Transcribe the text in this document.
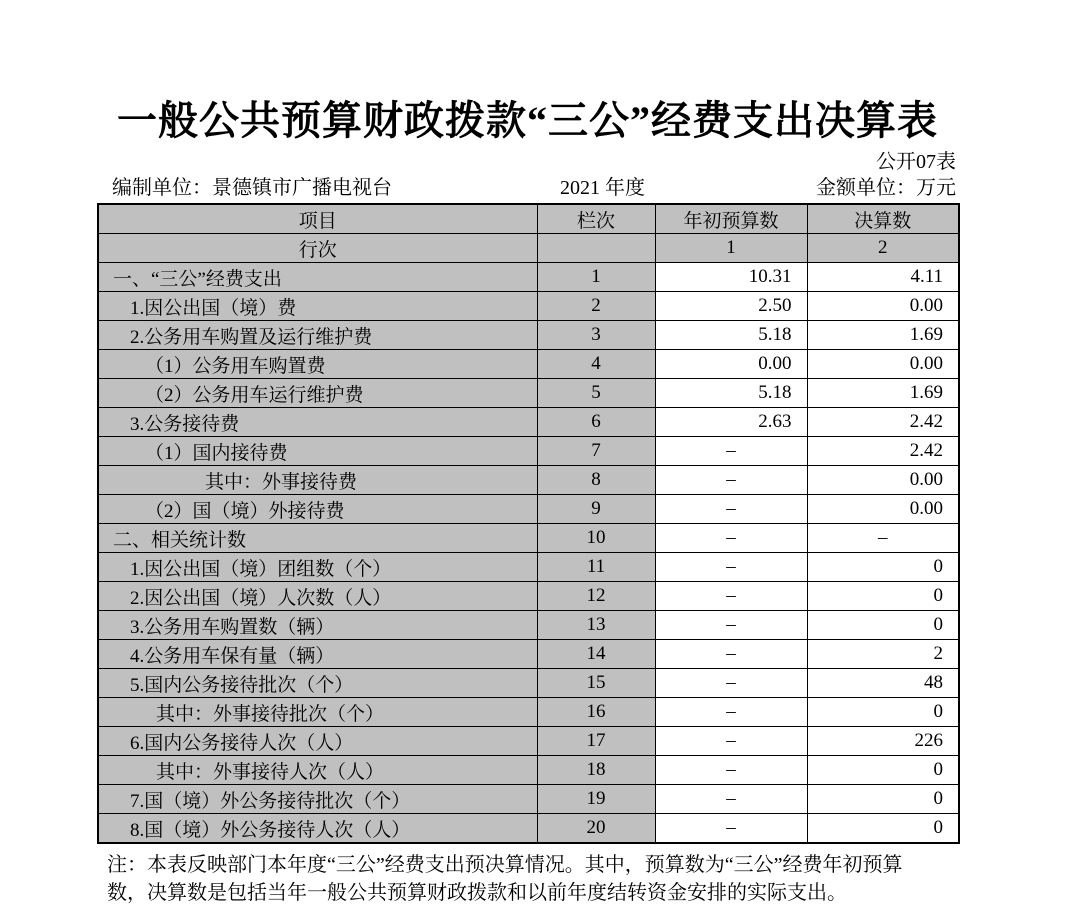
一般公共预算财政拨款“三公”经费支出决算表
公开07表
编制单位：景德镇市广播电视台	2021 年度	金额单位：万元
项目	栏次	年初预算数	决算数
行次		1	2
一、“三公”经费支出	1	10.31	4.11
1.因公出国（境）费	2	2.50	0.00
2.公务用车购置及运行维护费	3	5.18	1.69
（1）公务用车购置费	4	0.00	0.00
（2）公务用车运行维护费	5	5.18	1.69
3.公务接待费	6	2.63	2.42
（1）国内接待费	7	–	2.42
其中：外事接待费	8	–	0.00
（2）国（境）外接待费	9	–	0.00
二、相关统计数	10	–	–
1.因公出国（境）团组数（个）	11	–	0
2.因公出国（境）人次数（人）	12	–	0
3.公务用车购置数（辆）	13	–	0
4.公务用车保有量（辆）	14	–	2
5.国内公务接待批次（个）	15	–	48
其中：外事接待批次（个）	16	–	0
6.国内公务接待人次（人）	17	–	226
其中：外事接待人次（人）	18	–	0
7.国（境）外公务接待批次（个）	19	–	0
8.国（境）外公务接待人次（人）	20	–	0
注：本表反映部门本年度“三公”经费支出预决算情况。其中，预算数为“三公”经费年初预算
数，决算数是包括当年一般公共预算财政拨款和以前年度结转资金安排的实际支出。
